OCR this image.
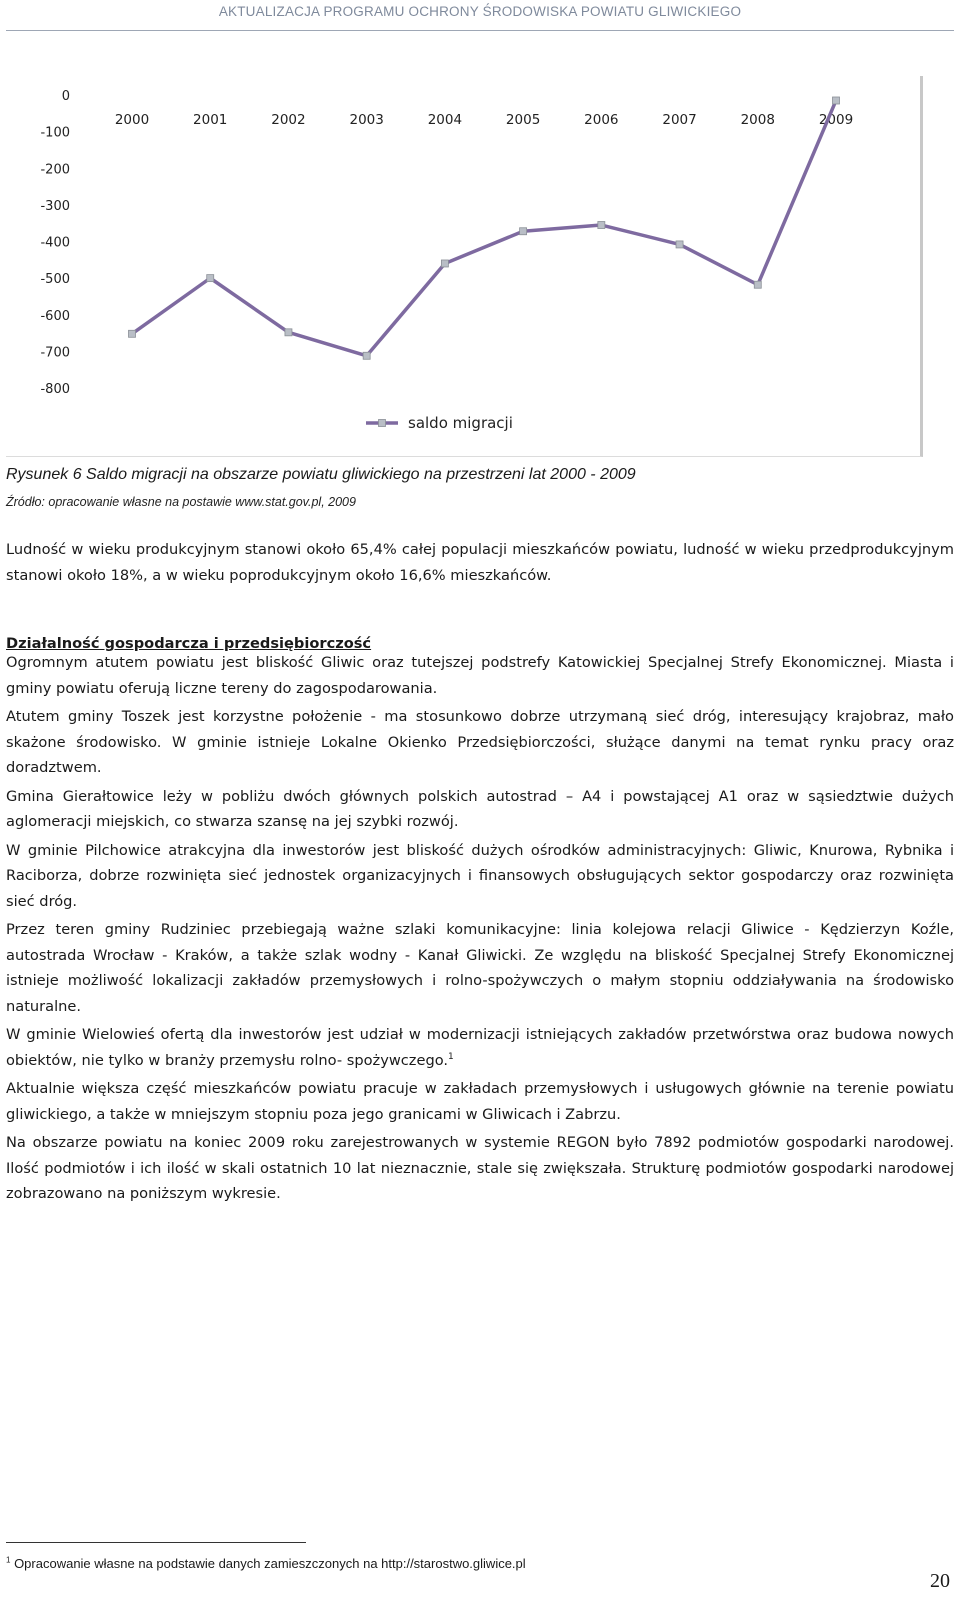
AKTUALIZACJA PROGRAMU OCHRONY ŚRODOWISKA POWIATU GLIWICKIEGO
0
-100
-200
-300
-400
-500
-600
-700
-800
2000	2001	2002	2003	2004	2005	2006	2007	2008	2009
saldo migracji
Rysunek 6 Saldo migracji na obszarze powiatu gliwickiego na przestrzeni lat 2000 - 2009
Źródło: opracowanie własne na postawie www.stat.gov.pl, 2009

Ludność w wieku produkcyjnym stanowi około 65,4% całej populacji mieszkańców powiatu, ludność w wieku przedprodukcyjnym stanowi około 18%, a w wieku poprodukcyjnym około 16,6% mieszkańców.

Działalność gospodarcza i przedsiębiorczość

Ogromnym atutem powiatu jest bliskość Gliwic oraz tutejszej podstrefy Katowickiej Specjalnej Strefy Ekonomicznej. Miasta i gminy powiatu oferują liczne tereny do zagospodarowania.

Atutem gminy Toszek jest korzystne położenie - ma stosunkowo dobrze utrzymaną sieć dróg, interesujący krajobraz, mało skażone środowisko. W gminie istnieje Lokalne Okienko Przedsiębiorczości, służące danymi na temat rynku pracy oraz doradztwem.

Gmina Gierałtowice leży w pobliżu dwóch głównych polskich autostrad – A4 i powstającej A1 oraz w sąsiedztwie dużych aglomeracji miejskich, co stwarza szansę na jej szybki rozwój.

W gminie Pilchowice atrakcyjna dla inwestorów jest bliskość dużych ośrodków administracyjnych: Gliwic, Knurowa, Rybnika i Raciborza, dobrze rozwinięta sieć jednostek organizacyjnych i finansowych obsługujących sektor gospodarczy oraz rozwinięta sieć dróg.

Przez teren gminy Rudziniec przebiegają ważne szlaki komunikacyjne: linia kolejowa relacji Gliwice - Kędzierzyn Koźle, autostrada Wrocław - Kraków, a także szlak wodny - Kanał Gliwicki. Ze względu na bliskość Specjalnej Strefy Ekonomicznej istnieje możliwość lokalizacji zakładów przemysłowych i rolno-spożywczych o małym stopniu oddziaływania na środowisko naturalne.

W gminie Wielowieś ofertą dla inwestorów jest udział w modernizacji istniejących zakładów przetwórstwa oraz budowa nowych obiektów, nie tylko w branży przemysłu rolno- spożywczego.$^1$

Aktualnie większa część mieszkańców powiatu pracuje w zakładach przemysłowych i usługowych głównie na terenie powiatu gliwickiego, a także w mniejszym stopniu poza jego granicami w Gliwicach i Zabrzu.

Na obszarze powiatu na koniec 2009 roku zarejestrowanych w systemie REGON było 7892 podmiotów gospodarki narodowej. Ilość podmiotów i ich ilość w skali ostatnich 10 lat nieznacznie, stale się zwiększała. Strukturę podmiotów gospodarki narodowej zobrazowano na poniższym wykresie.

$^1$ Opracowanie własne na podstawie danych zamieszczonych na http://starostwo.gliwice.pl
20
